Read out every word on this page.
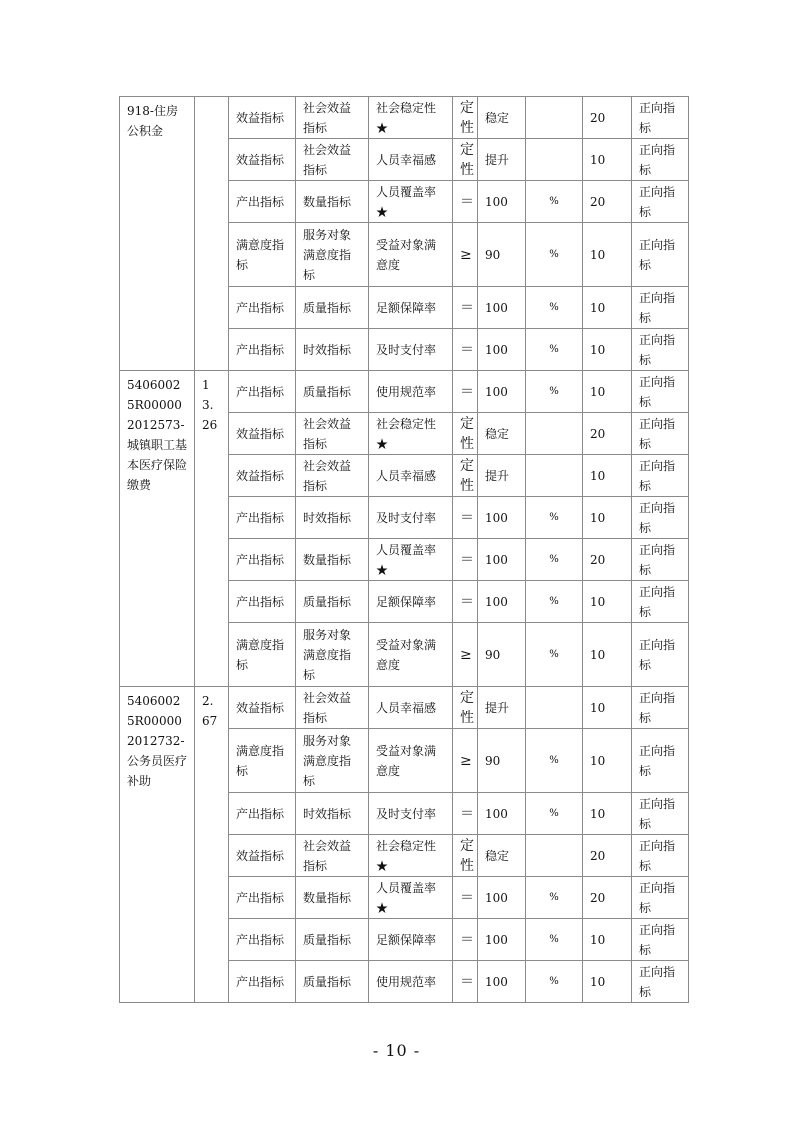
918-住房公积金		效益指标	社会效益指标	社会稳定性★	定性	稳定		20	正向指标
		效益指标	社会效益指标	人员幸福感	定性	提升		10	正向指标
		产出指标	数量指标	人员覆盖率★	＝	100	%	20	正向指标
		满意度指标	服务对象满意度指标	受益对象满意度	≥	90	%	10	正向指标
		产出指标	质量指标	足额保障率	＝	100	%	10	正向指标
		产出指标	时效指标	及时支付率	＝	100	%	10	正向指标
54060025R000002012573-城镇职工基本医疗保险缴费	13.26	产出指标	质量指标	使用规范率	＝	100	%	10	正向指标
		效益指标	社会效益指标	社会稳定性★	定性	稳定		20	正向指标
		效益指标	社会效益指标	人员幸福感	定性	提升		10	正向指标
		产出指标	时效指标	及时支付率	＝	100	%	10	正向指标
		产出指标	数量指标	人员覆盖率★	＝	100	%	20	正向指标
		产出指标	质量指标	足额保障率	＝	100	%	10	正向指标
		满意度指标	服务对象满意度指标	受益对象满意度	≥	90	%	10	正向指标
54060025R000002012732-公务员医疗补助	2.67	效益指标	社会效益指标	人员幸福感	定性	提升		10	正向指标
		满意度指标	服务对象满意度指标	受益对象满意度	≥	90	%	10	正向指标
		产出指标	时效指标	及时支付率	＝	100	%	10	正向指标
		效益指标	社会效益指标	社会稳定性★	定性	稳定		20	正向指标
		产出指标	数量指标	人员覆盖率★	＝	100	%	20	正向指标
		产出指标	质量指标	足额保障率	＝	100	%	10	正向指标
		产出指标	质量指标	使用规范率	＝	100	%	10	正向指标
- 10 -
